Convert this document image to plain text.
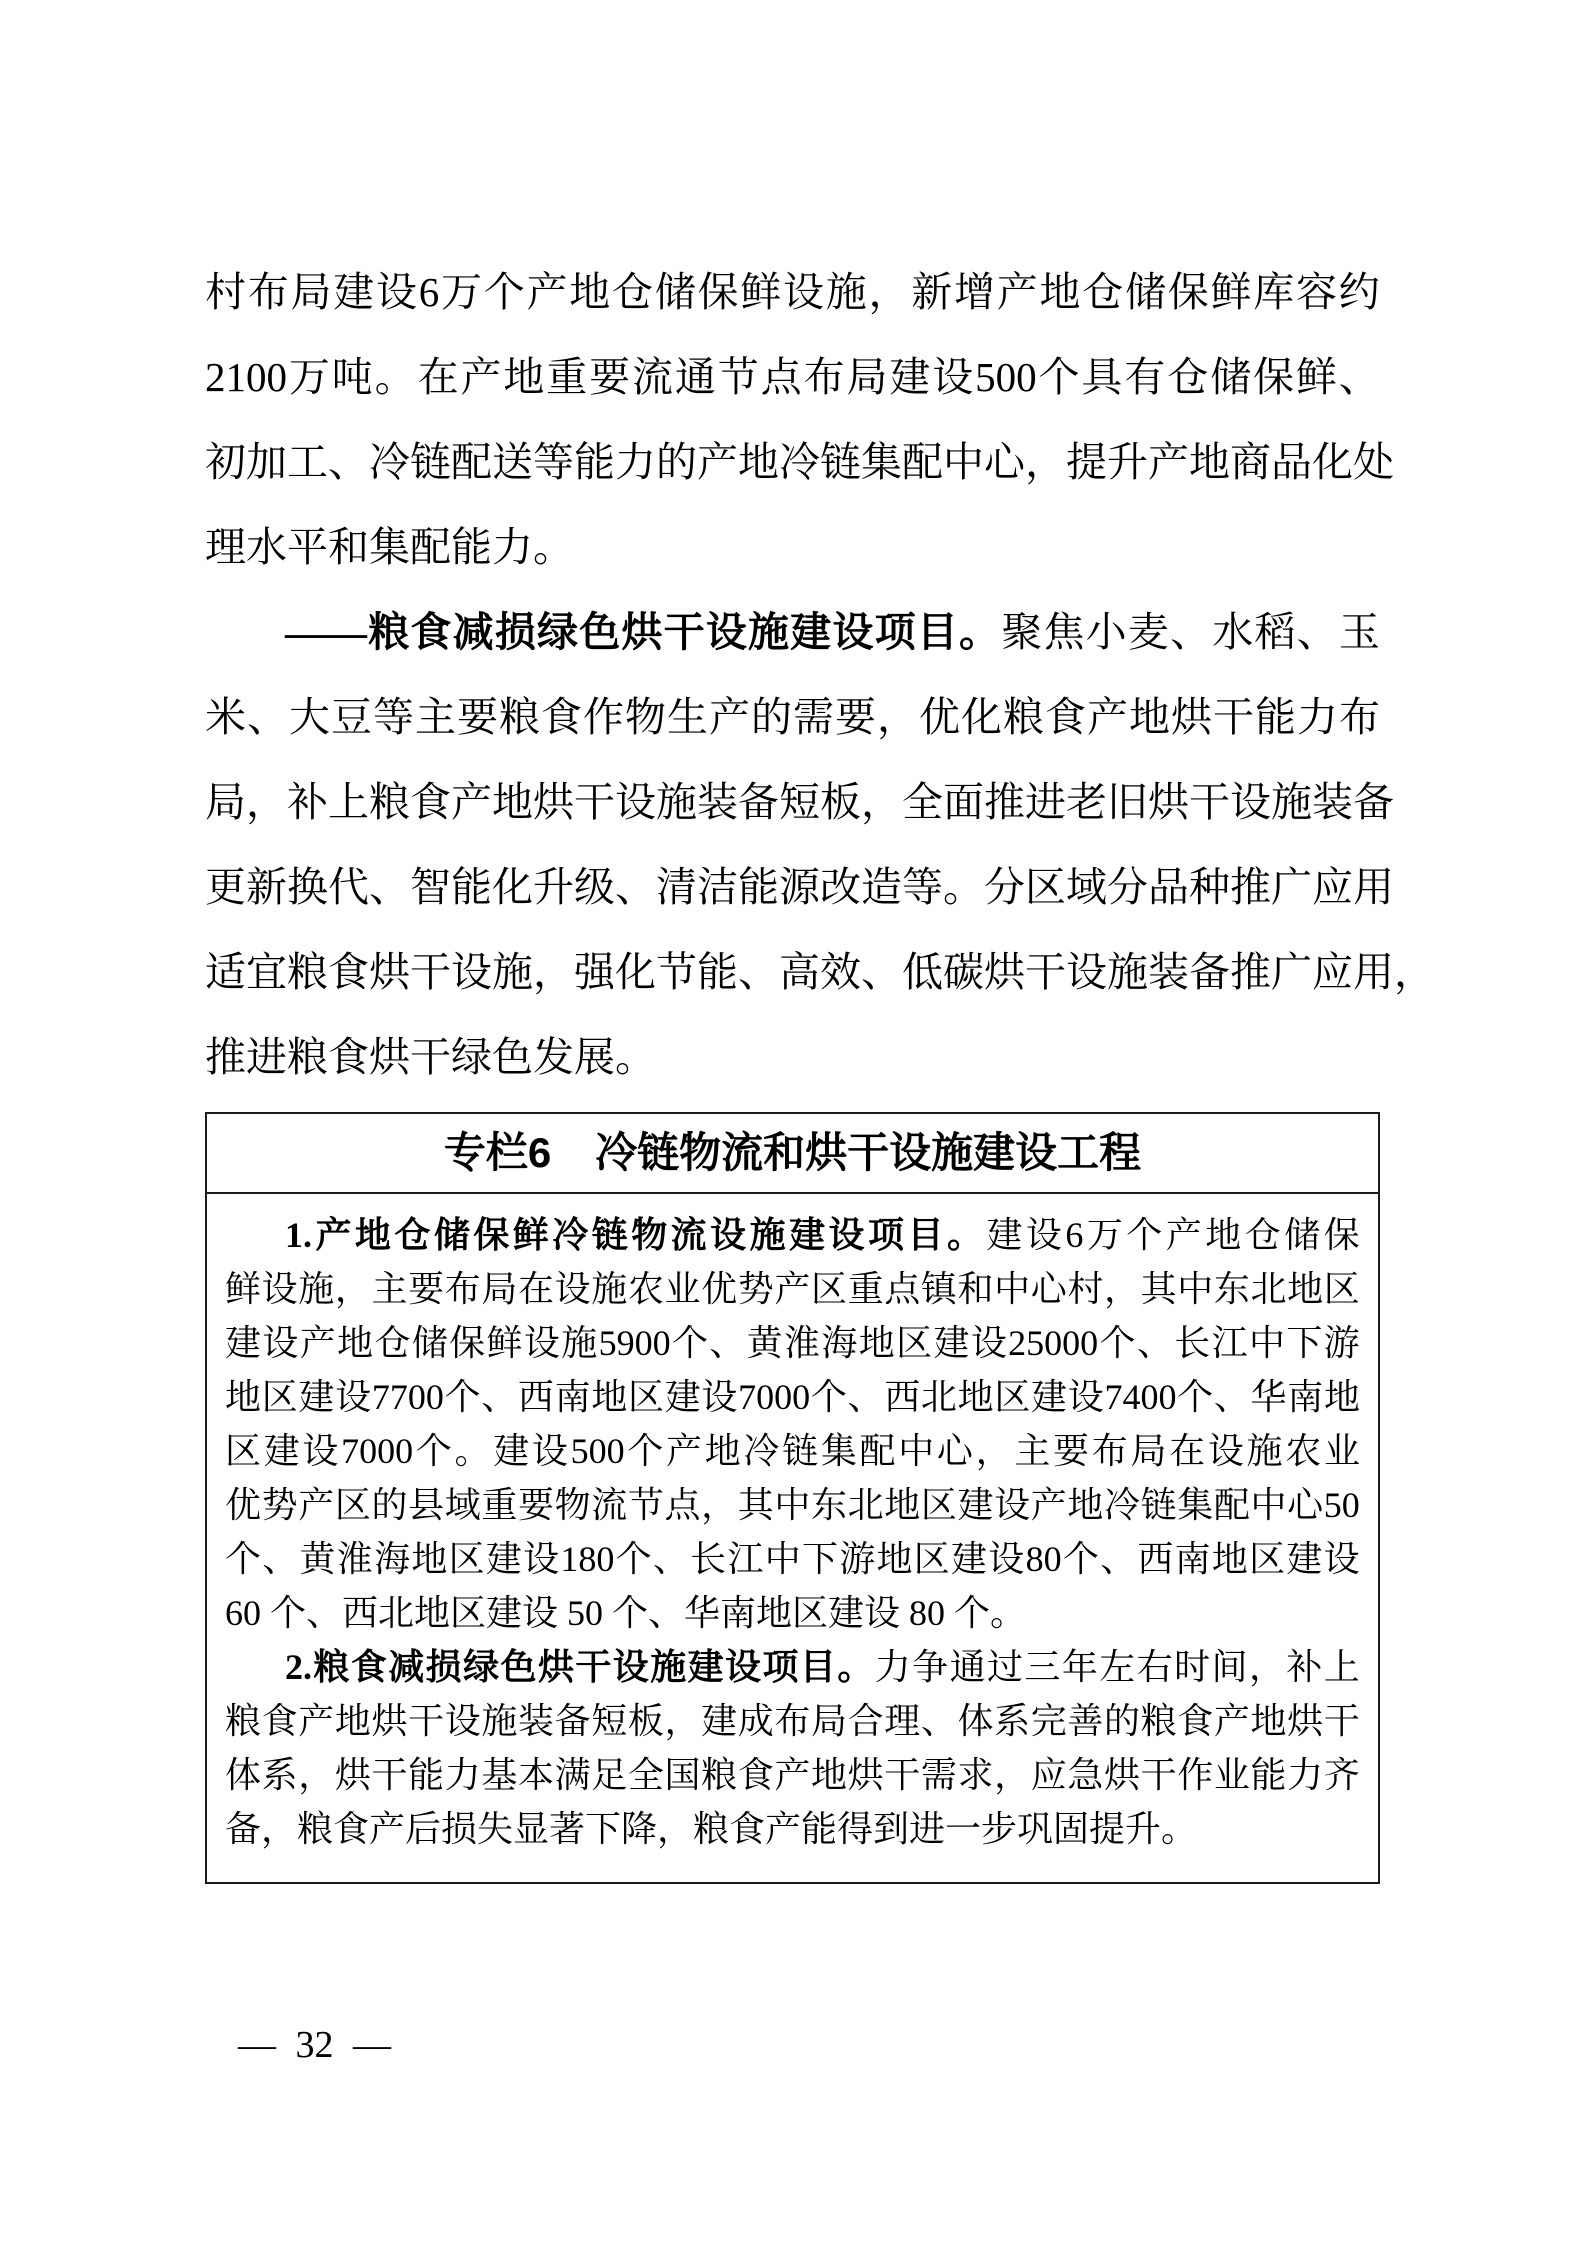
村 布 局 建 设 6 万 个 产 地 仓 储 保 鲜 设 施 ， 新 增 产 地 仓 储 保 鲜 库 容 约
2100 万 吨 。 在 产 地 重 要 流 通 节 点 布 局 建 设 500 个 具 有 仓 储 保 鲜 、
初 加 工 、 冷 链 配 送 等 能 力 的 产 地 冷 链 集 配 中 心 ， 提 升 产 地 商 品 化 处
理水平和集配能力。
—— 粮 食 减 损 绿 色 烘 干 设 施 建 设 项 目 。 聚 焦 小 麦 、 水 稻 、 玉
米 、 大 豆 等 主 要 粮 食 作 物 生 产 的 需 要 ， 优 化 粮 食 产 地 烘 干 能 力 布
局 ， 补 上 粮 食 产 地 烘 干 设 施 装 备 短 板 ， 全 面 推 进 老 旧 烘 干 设 施 装 备
更 新 换 代 、 智 能 化 升 级 、 清 洁 能 源 改 造 等 。 分 区 域 分 品 种 推 广 应 用
适 宜 粮 食 烘 干 设 施 ， 强 化 节 能 、 高 效 、 低 碳 烘 干 设 施 装 备 推 广 应 用 ，
推进粮食烘干绿色发展。
专栏6 冷链物流和烘干设施建设工程
1. 产 地 仓 储 保 鲜 冷 链 物 流 设 施 建 设 项 目 。 建 设 6 万 个 产 地 仓 储 保
鲜 设 施 ， 主 要 布 局 在 设 施 农 业 优 势 产 区 重 点 镇 和 中 心 村 ， 其 中 东 北 地 区
建 设 产 地 仓 储 保 鲜 设 施 5900 个 、 黄 淮 海 地 区 建 设 25000 个 、 长 江 中 下 游
地 区 建 设 7700 个 、 西 南 地 区 建 设 7000 个 、 西 北 地 区 建 设 7400 个 、 华 南 地
区 建 设 7000 个 。 建 设 500 个 产 地 冷 链 集 配 中 心 ， 主 要 布 局 在 设 施 农 业
优 势 产 区 的 县 域 重 要 物 流 节 点 ， 其 中 东 北 地 区 建 设 产 地 冷 链 集 配 中 心 50
个 、 黄 淮 海 地 区 建 设 180 个 、 长 江 中 下 游 地 区 建 设 80 个 、 西 南 地 区 建 设
60 个、西北地区建设 50 个、华南地区建设 80 个。
2. 粮 食 减 损 绿 色 烘 干 设 施 建 设 项 目 。 力 争 通 过 三 年 左 右 时 间 ， 补 上
粮 食 产 地 烘 干 设 施 装 备 短 板 ， 建 成 布 局 合 理 、 体 系 完 善 的 粮 食 产 地 烘 干
体 系 ， 烘 干 能 力 基 本 满 足 全 国 粮 食 产 地 烘 干 需 求 ， 应 急 烘 干 作 业 能 力 齐
备，粮食产后损失显著下降，粮食产能得到进一步巩固提升。
— 32 —
